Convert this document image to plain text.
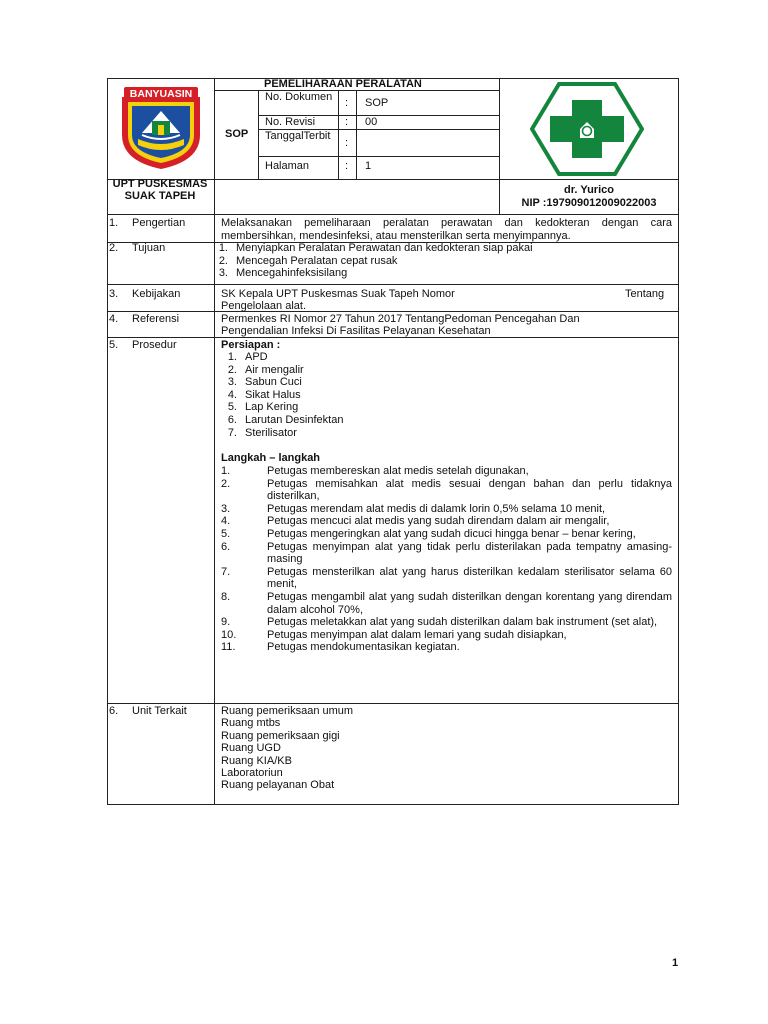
BANYUASIN
SOP
PEMELIHARAAN PERALATAN
No. Dokumen : SOP
No. Revisi	: 00
TanggalTerbit
:
Halaman	: 1
UPT PUSKESMAS SUAK TAPEH
dr. Yurico
NIP :197909012009022003
1. Pengertian	Melaksanakan pemeliharaan peralatan perawatan dan kedokteran dengan cara membersihkan, mendesinfeksi, atau mensterilkan serta menyimpannya.
2. Tujuan	1. Menyiapkan Peralatan Perawatan dan kedokteran siap pakai
2. Mencegah Peralatan cepat rusak
3. Mencegahinfeksisilang
3. Kebijakan	SK Kepala UPT Puskesmas Suak Tapeh Nomor	Tentang
Pengelolaan alat.
4. Referensi	Permenkes RI Nomor 27 Tahun 2017 TentangPedoman Pencegahan Dan
Pengendalian Infeksi Di Fasilitas Pelayanan Kesehatan
5. Prosedur	Persiapan :
1. APD
2. Air mengalir
3. Sabun Cuci
4. Sikat Halus
5. Lap Kering
6. Larutan Desinfektan
7. Sterilisator
Langkah – langkah
1.	Petugas membereskan alat medis setelah digunakan,
2.	Petugas memisahkan alat medis sesuai dengan bahan dan perlu tidaknya disterilkan,
3.	Petugas merendam alat medis di dalamk lorin 0,5% selama 10 menit,
4.	Petugas mencuci alat medis yang sudah direndam dalam air mengalir,
5.	Petugas mengeringkan alat yang sudah dicuci hingga benar – benar kering,
6.	Petugas menyimpan alat yang tidak perlu disterilakan pada tempatny amasing-masing
7.	Petugas mensterilkan alat yang harus disterilkan kedalam sterilisator selama 60 menit,
8.	Petugas mengambil alat yang sudah disterilkan dengan korentang yang direndam dalam alcohol 70%,
9.	Petugas meletakkan alat yang sudah disterilkan dalam bak instrument (set alat),
10.	Petugas menyimpan alat dalam lemari yang sudah disiapkan,
11.	Petugas mendokumentasikan kegiatan.
6. Unit Terkait	Ruang pemeriksaan umum
Ruang mtbs
Ruang pemeriksaan gigi
Ruang UGD
Ruang KIA/KB
Laboratoriun
Ruang pelayanan Obat
1
